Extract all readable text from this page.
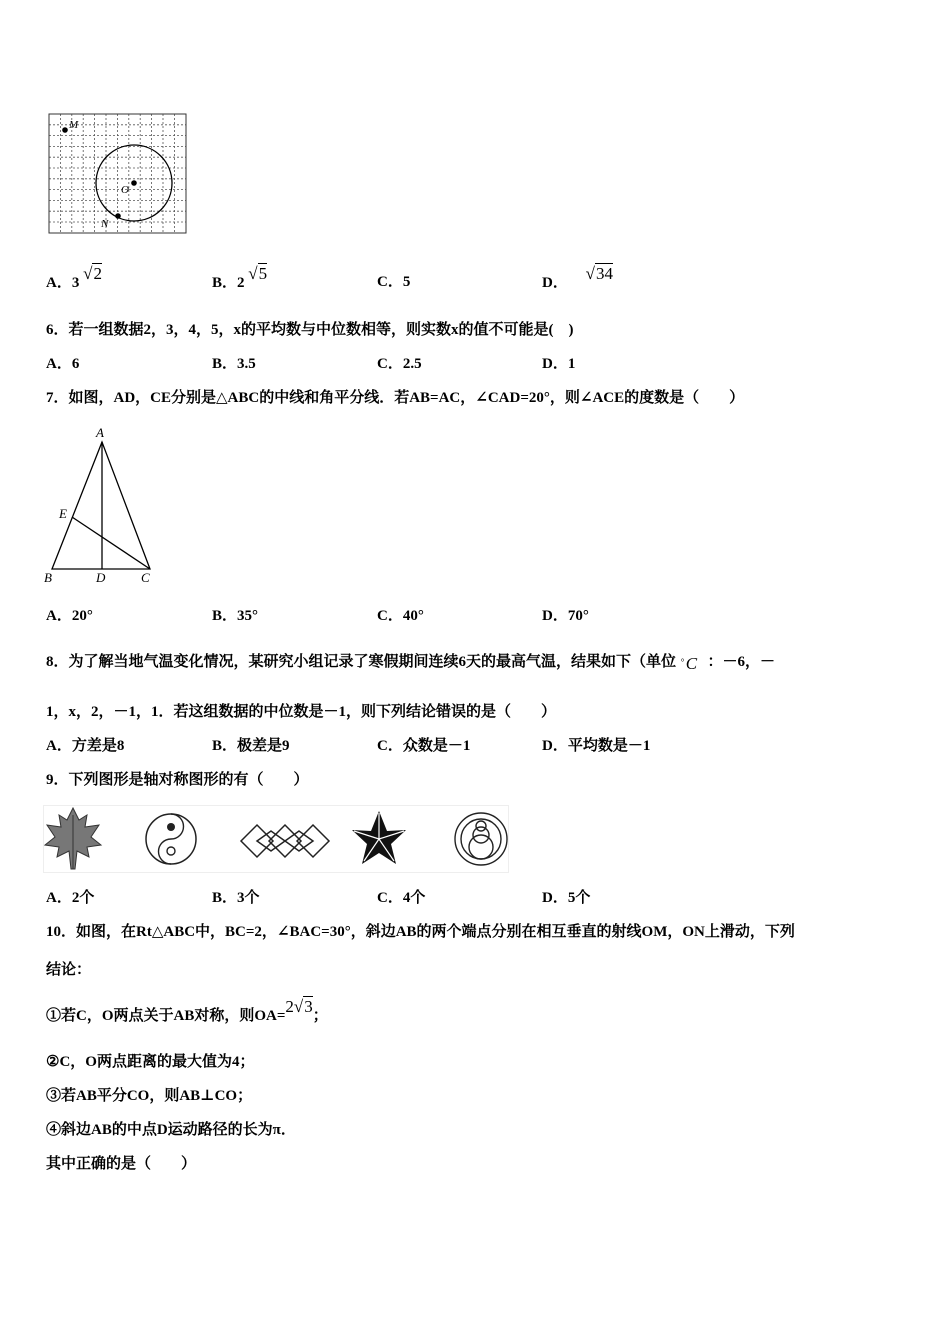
M
O
N
A．3 √2	B．2 √5	C．5	D． √34
6．若一组数据2，3，4，5，x的平均数与中位数相等，则实数x的值不可能是(　)
A．6	B．3.5	C．2.5	D．1
7．如图，AD，CE分别是△ABC的中线和角平分线．若AB=AC，∠CAD=20°，则∠ACE的度数是（　　）
A
E
B	D	C
A．20°	B．35°	C．40°	D．70°
8．为了解当地气温变化情况，某研究小组记录了寒假期间连续6天的最高气温，结果如下（单位 ° C ：－6，－
1，x，2，－1，1．若这组数据的中位数是－1，则下列结论错误的是（　　）
A．方差是8	B．极差是9	C．众数是－1	D．平均数是－1
9．下列图形是轴对称图形的有（　　）
A．2个	B．3个	C．4个	D．5个
10．如图，在Rt△ABC中，BC=2，∠BAC=30°，斜边AB的两个端点分别在相互垂直的射线OM，ON上滑动，下列
结论：
①若C，O两点关于AB对称，则OA=2√3；
②C，O两点距离的最大值为4；
③若AB平分CO，则AB⊥CO；
④斜边AB的中点D运动路径的长为π．
其中正确的是（　　）
